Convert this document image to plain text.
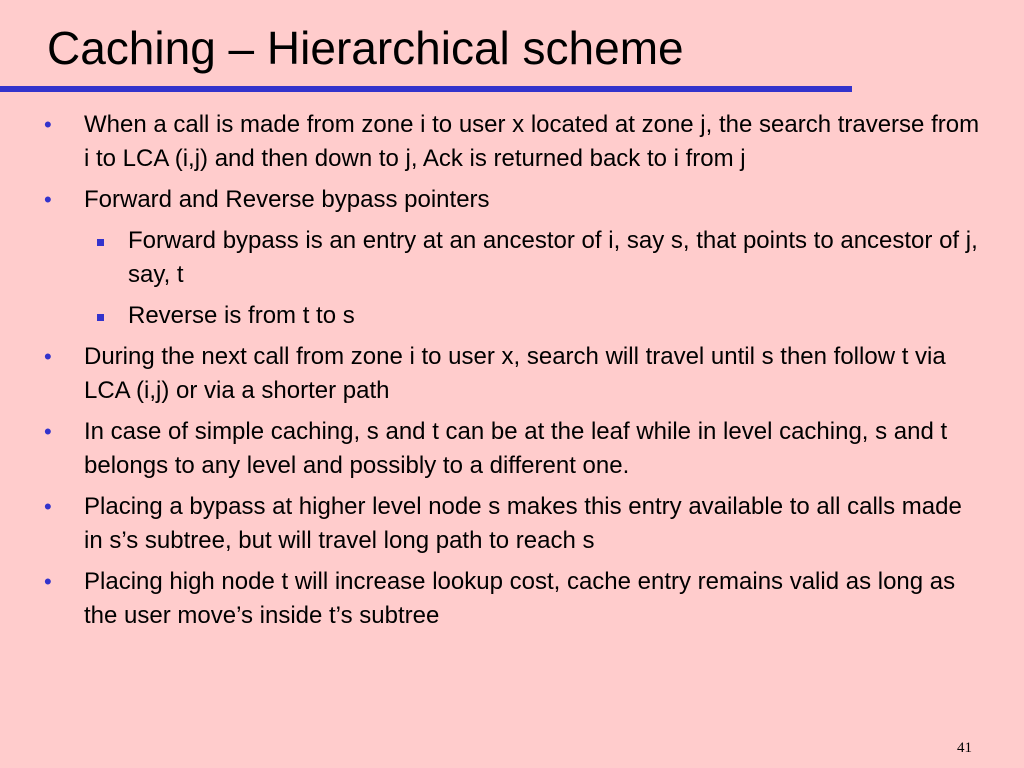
Caching – Hierarchical scheme
• When a call is made from zone i to user x located at zone j, the search traverse from i to LCA (i,j) and then down to j, Ack is returned back to i from j
• Forward and Reverse bypass pointers
Forward bypass is an entry at an ancestor of i, say s, that points to ancestor of j, say, t
Reverse is from t to s
• During the next call from zone i to user x, search will travel until s then follow t via LCA (i,j) or via a shorter path
• In case of simple caching, s and t can be at the leaf while in level caching, s and t belongs to any level and possibly to a different one.
• Placing a bypass at higher level node s makes this entry available to all calls made in s’s subtree, but will travel long path to reach s
• Placing high node t will increase lookup cost, cache entry remains valid as long as the user move’s inside t’s subtree
41
